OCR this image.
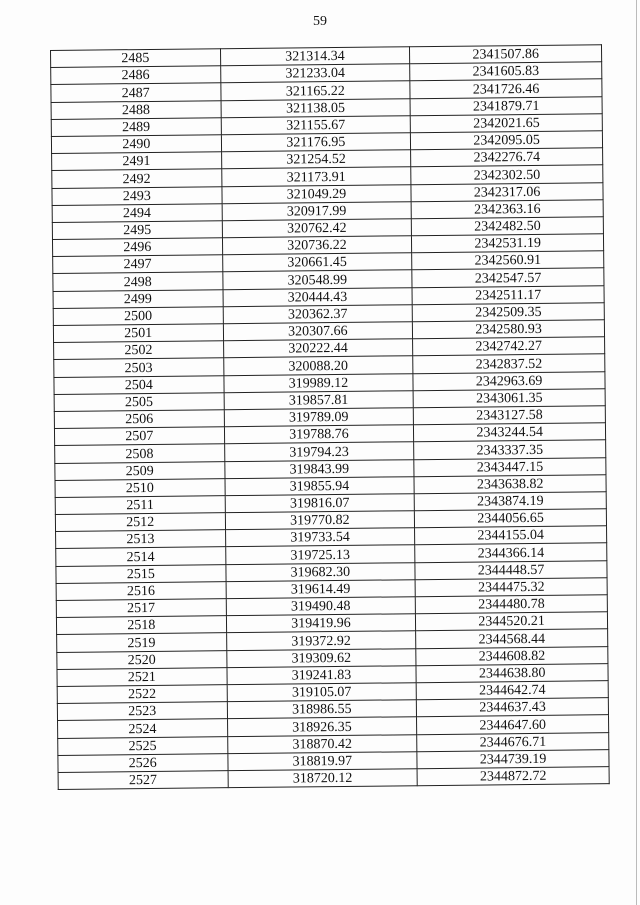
59
2485	321314.34	2341507.86
2486	321233.04	2341605.83
2487	321165.22	2341726.46
2488	321138.05	2341879.71
2489	321155.67	2342021.65
2490	321176.95	2342095.05
2491	321254.52	2342276.74
2492	321173.91	2342302.50
2493	321049.29	2342317.06
2494	320917.99	2342363.16
2495	320762.42	2342482.50
2496	320736.22	2342531.19
2497	320661.45	2342560.91
2498	320548.99	2342547.57
2499	320444.43	2342511.17
2500	320362.37	2342509.35
2501	320307.66	2342580.93
2502	320222.44	2342742.27
2503	320088.20	2342837.52
2504	319989.12	2342963.69
2505	319857.81	2343061.35
2506	319789.09	2343127.58
2507	319788.76	2343244.54
2508	319794.23	2343337.35
2509	319843.99	2343447.15
2510	319855.94	2343638.82
2511	319816.07	2343874.19
2512	319770.82	2344056.65
2513	319733.54	2344155.04
2514	319725.13	2344366.14
2515	319682.30	2344448.57
2516	319614.49	2344475.32
2517	319490.48	2344480.78
2518	319419.96	2344520.21
2519	319372.92	2344568.44
2520	319309.62	2344608.82
2521	319241.83	2344638.80
2522	319105.07	2344642.74
2523	318986.55	2344637.43
2524	318926.35	2344647.60
2525	318870.42	2344676.71
2526	318819.97	2344739.19
2527	318720.12	2344872.72
